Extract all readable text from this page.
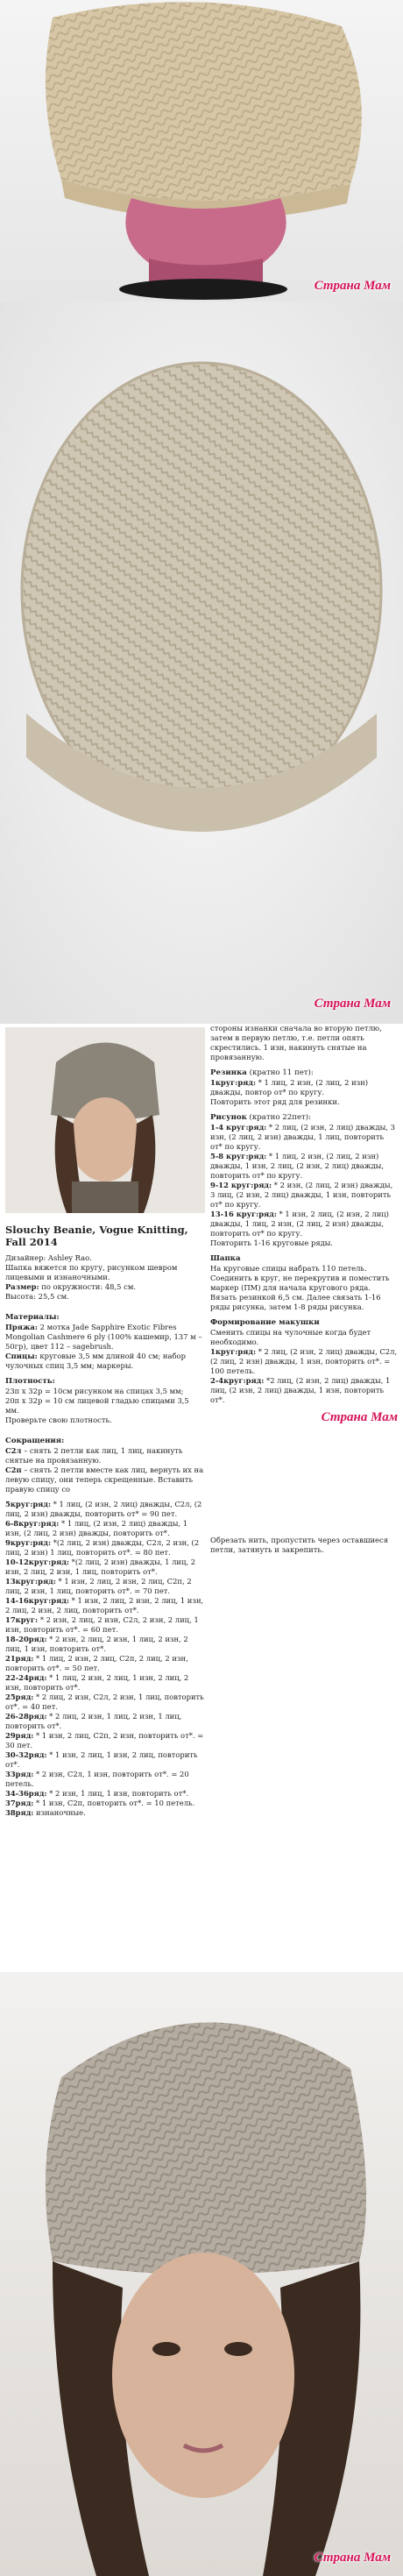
Страна Мам
Страна Мам
Slouchy Beanie, Vogue Knitting, Fall 2014

Дизайнер: Ashley Rao.

Шапка вяжется по кругу, рисунком шевром лицевыми и изнаночными.

Размер: по окружности: 48,5 см.

Высота: 25,5 см.

Материалы:

Пряжа: 2 мотка Jade Sapphire Exotic Fibres Mongolian Cashmere 6 ply (100% кашемир, 137 м – 50гр), цвет 112 – sagebrush.

Спицы: круговые 3,5 мм длиной 40 см; набор чулочных спиц 3,5 мм; маркеры.

Плотность:

23п х 32р = 10см рисунком на спицах 3,5 мм;

20п х 32р = 10 см лицевой гладью спицами 3,5 мм.

Проверьте свою плотность.

Сокращения:

С2л – снять 2 петли как лиц, 1 лиц, накинуть снятые на провязанную.

С2п – снять 2 петли вместе как лиц, вернуть их на левую спицу, они теперь скрещенные. Вставить правую спицу со

5круг:ряд: * 1 лиц, (2 изн, 2 лиц) дважды, С2л, (2 лиц, 2 изн) дважды, повторить от* = 90 пет.

6-8круг:ряд: * 1 лиц, (2 изн, 2 лиц) дважды, 1 изн, (2 лиц, 2 изн) дважды, повторить от*.

9круг:ряд: *(2 лиц, 2 изн) дважды, С2л, 2 изн, (2 лиц, 2 изн) 1 лиц, повторить от*. = 80 пет.

10-12круг:ряд: *(2 лиц, 2 изн) дважды, 1 лиц, 2 изн, 2 лиц, 2 изн, 1 лиц, повторить от*.

13круг:ряд: * 1 изн, 2 лиц, 2 изн, 2 лиц, С2п, 2 лиц, 2 изн, 1 лиц, повторить от*. = 70 пет.

14-16круг:ряд: * 1 изн, 2 лиц, 2 изн, 2 лиц, 1 изн, 2 лиц, 2 изн, 2 лиц, повторить от*.

17круг: * 2 изн, 2 лиц, 2 изн, С2л, 2 изн, 2 лиц, 1 изн, повторить от*. = 60 пет.

18-20ряд: * 2 изн, 2 лиц, 2 изн, 1 лиц, 2 изн, 2 лиц, 1 изн, повторить от*.

21ряд: * 1 лиц, 2 изн, 2 лиц, С2п, 2 лиц, 2 изн, повторить от*. = 50 пет.

22-24ряд: * 1 лиц, 2 изн, 2 лиц, 1 изн, 2 лиц, 2 изн, повторить от*.

25ряд: * 2 лиц, 2 изн, С2л, 2 изн, 1 лиц, повторить от*. = 40 пет.

26-28ряд: * 2 лиц, 2 изн, 1 лиц, 2 изн, 1 лиц, повторить от*.

29ряд: * 1 изн, 2 лиц, С2п, 2 изн, повторить от*. = 30 пет.

30-32ряд: * 1 изн, 2 лиц, 1 изн, 2 лиц, повторить от*.

33ряд: * 2 изн, С2л, 1 изн, повторить от*. = 20 петель.

34-36ряд: * 2 изн, 1 лиц, 1 изн, повторить от*.

37ряд: * 1 изн, С2п, повторить от*. = 10 петель.

38ряд: изнаночные.

стороны изнанки сначала во вторую петлю, затем в первую петлю, т.е. петли опять скрестились. 1 изн, накинуть снятые на провязанную.

Резинка (кратно 11 пет):

1круг:ряд: * 1 лиц, 2 изн, (2 лиц, 2 изн) дважды, повтор от* по кругу.

Повторить этот ряд для резинки.

Рисунок (кратно 22пет):

1-4 круг:ряд: * 2 лиц, (2 изн, 2 лиц) дважды, 3 изн, (2 лиц, 2 изн) дважды, 1 лиц, повторить от* по кругу.

5-8 круг:ряд: * 1 лиц, 2 изн, (2 лиц, 2 изн) дважды, 1 изн, 2 лиц, (2 изн, 2 лиц) дважды, повторить от* по кругу.

9-12 круг:ряд: * 2 изн, (2 лиц, 2 изн) дважды, 3 лиц, (2 изн, 2 лиц) дважды, 1 изн, повторить от* по кругу.

13-16 круг:ряд: * 1 изн, 2 лиц, (2 изн, 2 лиц) дважды, 1 лиц, 2 изн, (2 лиц, 2 изн) дважды, повторить от* по кругу.

Повторить 1-16 круговые ряды.

Шапка

На круговые спицы набрать 110 петель. Соединить в круг, не перекрутив и поместить маркер (ПМ) для начала кругового ряда. Вязать резинкой 6,5 см. Далее связать 1-16 ряды рисунка, затем 1-8 ряды рисунка.

Формирование макушки

Сменить спицы на чулочные когда будет необходимо.

1круг:ряд: * 2 лиц, (2 изн, 2 лиц) дважды, С2л, (2 лиц, 2 изн) дважды, 1 изн, повторить от*. = 100 петель.

2-4круг:ряд: *2 лиц, (2 изн, 2 лиц) дважды, 1 лиц, (2 изн, 2 лиц) дважды, 1 изн, повторить от*.

Страна Мам

Обрезать нить, пропустить через оставшиеся петли, затянуть и закрепить.

Страна Мам
